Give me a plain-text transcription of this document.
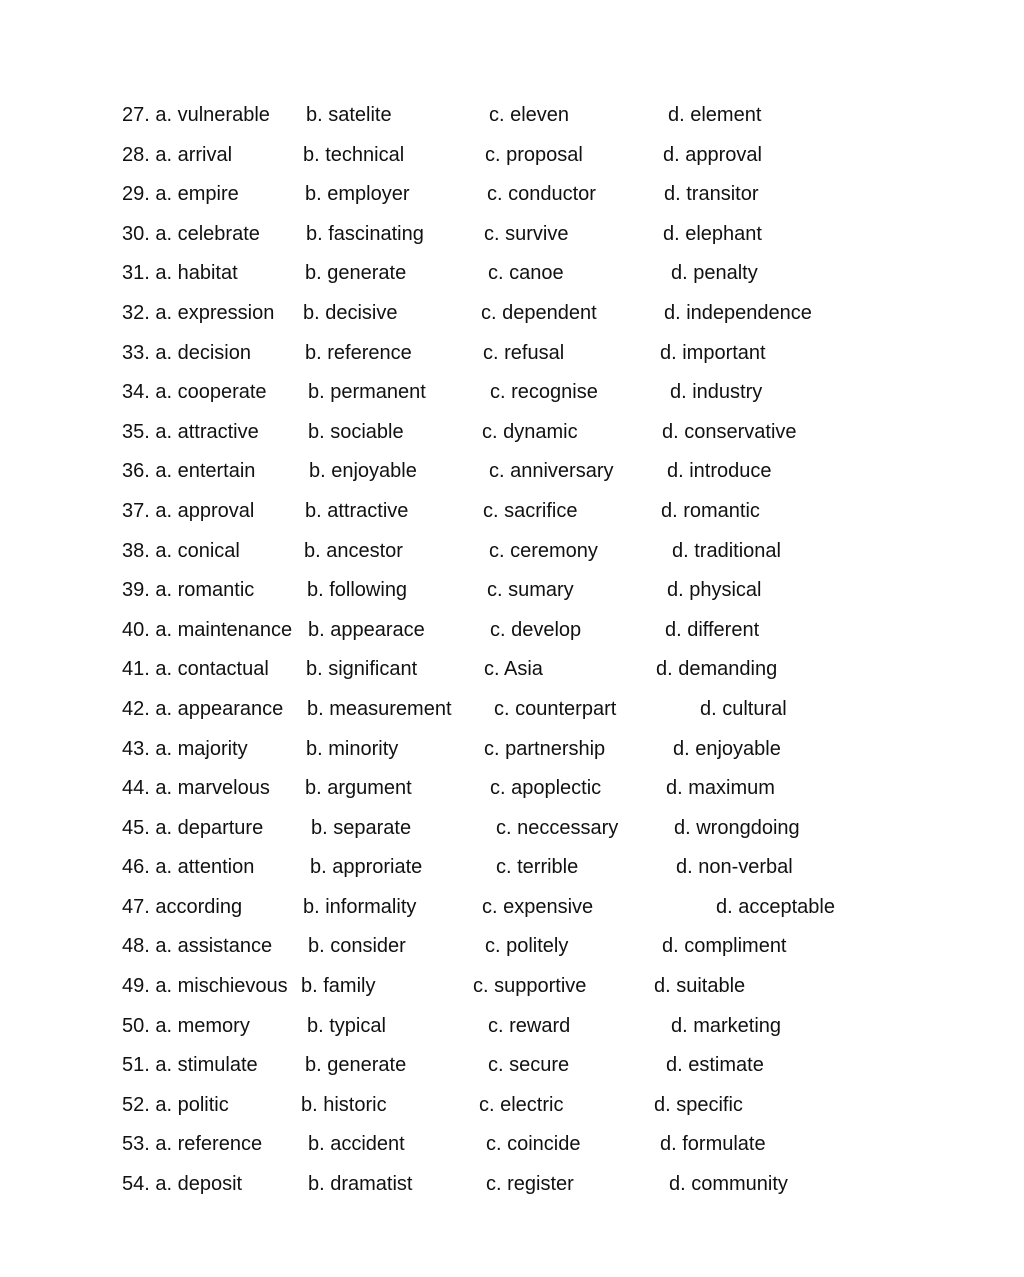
27. a. vulnerable b. satelite	c. eleven	d. element
28. a. arrival	b. technical	c. proposal	d. approval
29. a. empire	b. employer	c. conductor	d. transitor
30. a. celebrate b. fascinating	c. survive	d. elephant
31. a. habitat	b. generate	c. canoe	d. penalty
32. a. expression b. decisive	c. dependent	d. independence
33. a. decision	b. reference	c. refusal	d. important
34. a. cooperate b. permanent	c. recognise	d. industry
35. a. attractive b. sociable	c. dynamic	d. conservative
36. a. entertain	b. enjoyable	c. anniversary	d. introduce
37. a. approval	b. attractive	c. sacrifice	d. romantic
38. a. conical	b. ancestor	c. ceremony	d. traditional
39. a. romantic	b. following	c. sumary	d. physical
40. a. maintenance b. appearace	c. develop	d. different
41. a. contactual b. significant	c. Asia	d. demanding
42. a. appearance b. measurement c. counterpart	d. cultural
43. a. majority	b. minority	c. partnership	d. enjoyable
44. a. marvelous b. argument	c. apoplectic	d. maximum
45. a. departure b. separate	c. neccessary	d. wrongdoing
46. a. attention	b. approriate	c. terrible	d. non-verbal
47. according	b. informality	c. expensive	d. acceptable
48. a. assistance b. consider	c. politely	d. compliment
49. a. mischievous b. family	c. supportive	d. suitable
50. a. memory	b. typical	c. reward	d. marketing
51. a. stimulate b. generate	c. secure	d. estimate
52. a. politic	b. historic	c. electric	d. specific
53. a. reference b. accident	c. coincide	d. formulate
54. a. deposit	b. dramatist	c. register	d. community
